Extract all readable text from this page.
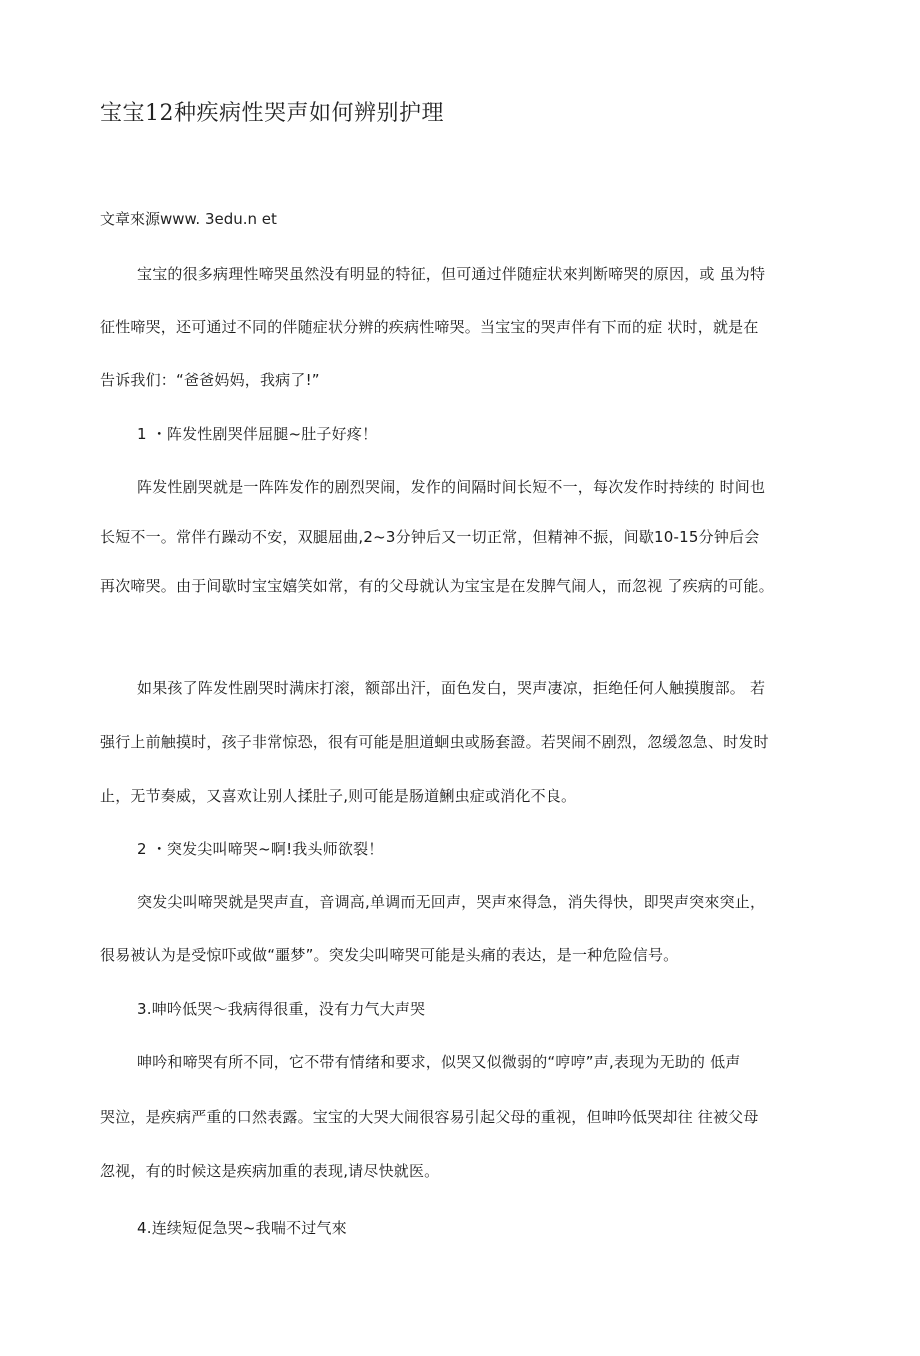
宝宝12种疾病性哭声如何辨别护理
文章來源www. 3edu.n et
宝宝的很多病理性啼哭虽然没有明显的特征，但可通过伴随症状來判断啼哭的原因，或 虽为特
征性啼哭，还可通过不同的伴随症状分辨的疾病性啼哭。当宝宝的哭声伴有下而的症 状时，就是在
告诉我们：“爸爸妈妈，我病了!”
1 ・阵发性剧哭伴屈腿~肚子好疼！
阵发性剧哭就是一阵阵发作的剧烈哭闹，发作的间隔时间长短不一，每次发作时持续的 时间也
长短不一。常伴冇躁动不安，双腿屈曲,2~3分钟后又一切正常，但精神不振，间歇10-15分钟后会
再次啼哭。由于间歇时宝宝嬉笑如常，有的父母就认为宝宝是在发脾气闹人，而忽视 了疾病的可能。
如果孩了阵发性剧哭时满床打滚，额部出汗，面色发白，哭声凄凉，拒绝任何人触摸腹部。 若
强行上前触摸时，孩子非常惊恐，很有可能是胆道蛔虫或肠套證。若哭闹不剧烈，忽缓忽急、时发时
止，无节奏威，又喜欢让别人揉肚子,则可能是肠道鯏虫症或消化不良。
2 ・突发尖叫啼哭~啊!我头师欲裂！
突发尖叫啼哭就是哭声直，音调高,单调而无回声，哭声來得急，消失得快，即哭声突來突止，
很易被认为是受惊吓或做“噩梦”。突发尖叫啼哭可能是头痛的表达，是一种危险信号。
3.呻吟低哭～我病得很重，没有力气大声哭
呻吟和啼哭有所不同，它不带有情绪和要求，似哭又似微弱的“哼哼”声,表现为无助的 低声
哭泣，是疾病严重的口然表露。宝宝的大哭大闹很容易引起父母的重视，但呻吟低哭却往 往被父母
忽视，有的时候这是疾病加重的表现,请尽快就医。
4.连续短促急哭~我喘不过气來
